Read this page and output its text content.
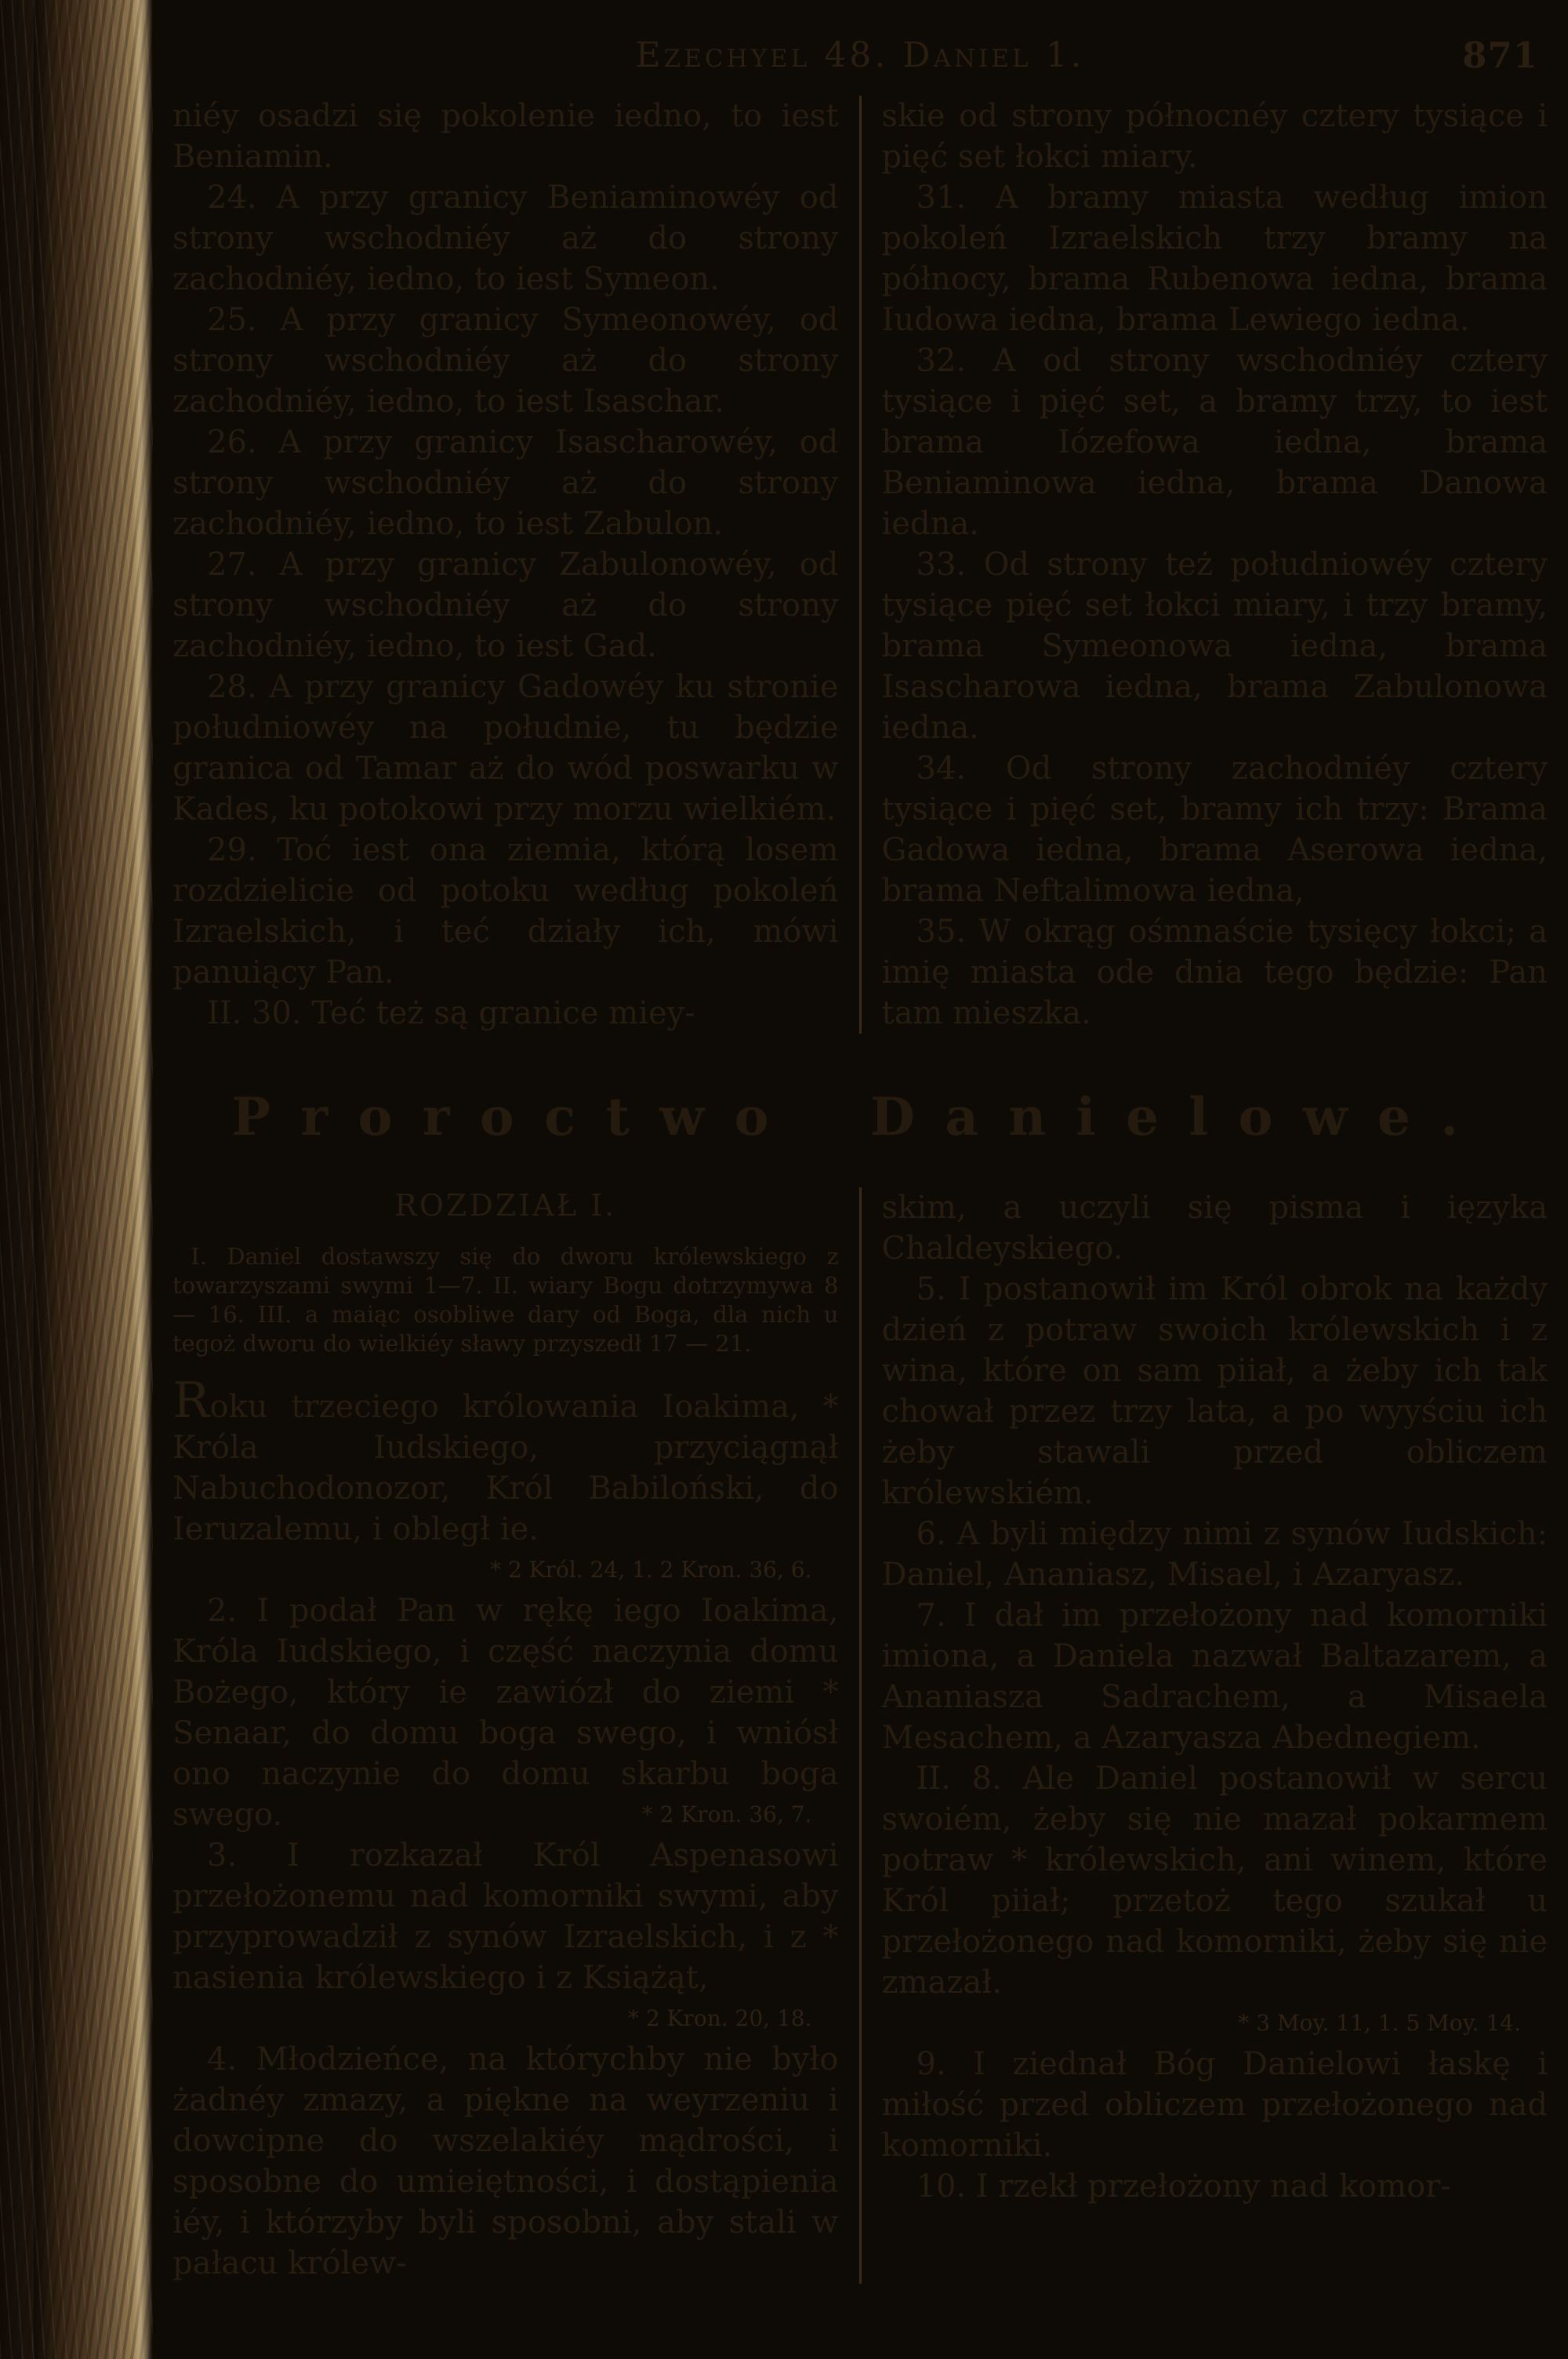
Ezechyel 48. Daniel 1.	871

niéy osadzi się pokolenie iedno, to iest Beniamin.

24. A przy granicy Beniaminowéy od strony wschodniéy aż do strony zachodniéy, iedno, to iest Symeon.

25. A przy granicy Symeonowéy, od strony wschodniéy aż do strony zachodniéy, iedno, to iest Isaschar.

26. A przy granicy Isascharowéy, od strony wschodniéy aż do strony zachodniéy, iedno, to iest Zabulon.

27. A przy granicy Zabulonowéy, od strony wschodniéy aż do strony zachodniéy, iedno, to iest Gad.

28. A przy granicy Gadowéy ku stronie południowéy na południe, tu będzie granica od Tamar aż do wód poswarku w Kades, ku potokowi przy morzu wielkiém.

29. Toć iest ona ziemia, którą losem rozdzielicie od potoku według pokoleń Izraelskich, i teć działy ich, mówi panuiący Pan.

II. 30. Teć też są granice miey-

skie od strony północnéy cztery tysiące i pięć set łokci miary.

31. A bramy miasta według imion pokoleń Izraelskich trzy bramy na północy, brama Rubenowa iedna, brama Iudowa iedna, brama Lewiego iedna.

32. A od strony wschodniéy cztery tysiące i pięć set, a bramy trzy, to iest brama Iózefowa iedna, brama Beniaminowa iedna, brama Danowa iedna.

33. Od strony też południowéy cztery tysiące pięć set łokci miary, i trzy bramy, brama Symeonowa iedna, brama Isascharowa iedna, brama Zabulonowa iedna.

34. Od strony zachodniéy cztery tysiące i pięć set, bramy ich trzy: Brama Gadowa iedna, brama Aserowa iedna, brama Neftalimowa iedna,

35. W okrąg ośmnaście tysięcy łokci; a imię miasta ode dnia tego będzie: Pan tam mieszka.

Proroctwo Danielowe.
ROZDZIAŁ I.

I. Daniel dostawszy się do dworu królewskiego z towarzyszami swymi 1—7. II. wiary Bogu dotrzymywa 8 — 16. III. a maiąc osobliwe dary od Boga, dla nich u tegoż dworu do wielkiéy sławy przyszedł 17 — 21.

Roku trzeciego królowania Ioakima, * Króla Iudskiego, przyciągnął Nabuchodonozor, Król Babiloński, do Ieruzalemu, i obległ ie.

* 2 Król. 24, 1. 2 Kron. 36, 6.

2. I podał Pan w rękę iego Ioakima, Króla Iudskiego, i część naczynia domu Bożego, który ie zawiózł do ziemi * Senaar, do domu boga swego, i wniósł ono naczynie do domu skarbu boga swego.	* 2 Kron. 36, 7.

3. I rozkazał Król Aspenasowi przełożonemu nad komorniki swymi, aby przyprowadził z synów Izraelskich, i z * nasienia królewskiego i z Książąt,

* 2 Kron. 20, 18.

4. Młodzieńce, na którychby nie było żadnéy zmazy, a piękne na weyrzeniu i dowcipne do wszelakiéy mądrości, i sposobne do umieiętności, i dostąpienia iéy, i którzyby byli sposobni, aby stali w pałacu królew-

skim, a uczyli się pisma i ięzyka Chaldeyskiego.

5. I postanowił im Król obrok na każdy dzień z potraw swoich królewskich i z wina, które on sam piiał, a żeby ich tak chował przez trzy lata, a po wyyściu ich żeby stawali przed obliczem królewskiém.

6. A byli między nimi z synów Iudskich: Daniel, Ananiasz, Misael, i Azaryasz.

7. I dał im przełożony nad komorniki imiona, a Daniela nazwał Baltazarem, a Ananiasza Sadrachem, a Misaela Mesachem, a Azaryasza Abednegiem.

II. 8. Ale Daniel postanowił w sercu swoiém, żeby się nie mazał pokarmem potraw * królewskich, ani winem, które Król piiał; przetoż tego szukał u przełożonego nad komorniki, żeby się nie zmazał.

* 3 Moy. 11, 1. 5 Moy. 14.

9. I ziednał Bóg Danielowi łaskę i miłość przed obliczem przełożonego nad komorniki.

10. I rzekł przełożony nad komor-
